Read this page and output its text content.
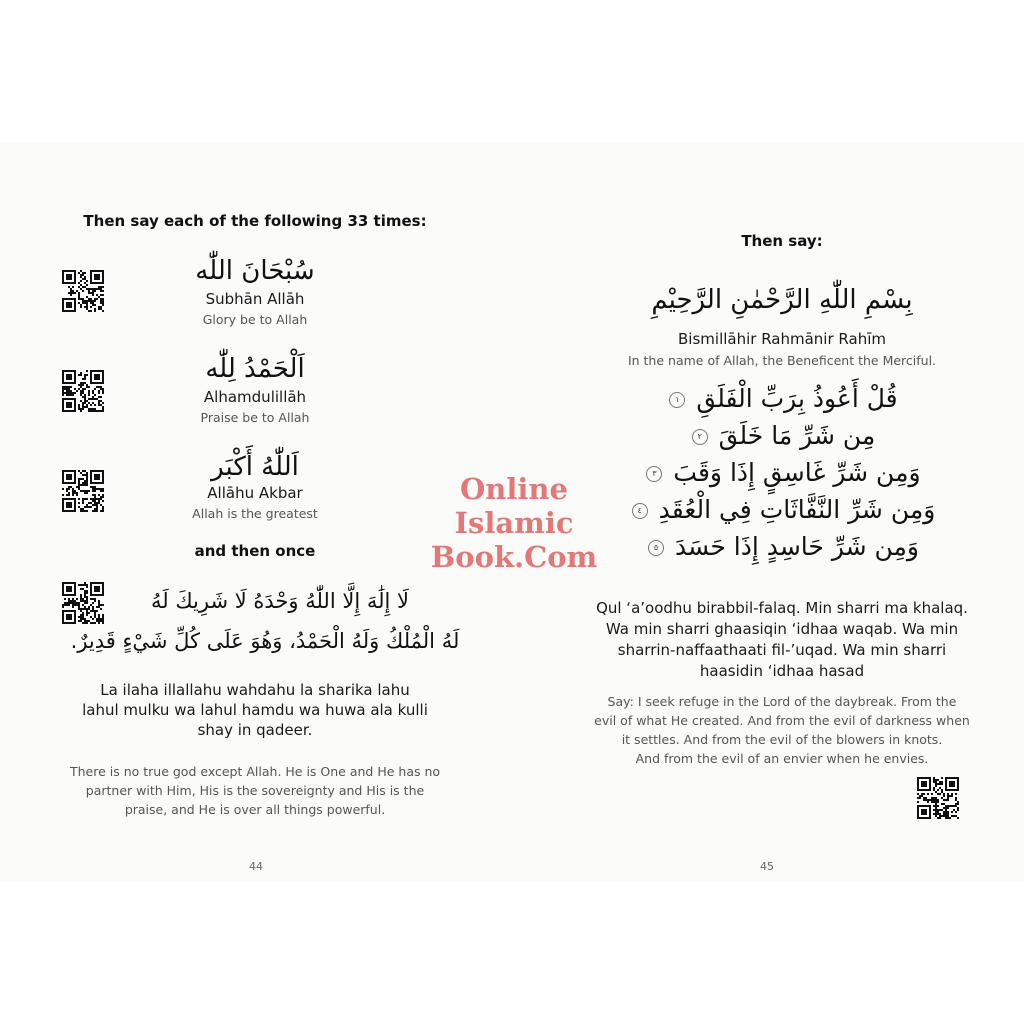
Then say each of the following 33 times:
سُبْحَانَ اللّٰه
Subhān Allāh
Glory be to Allah
اَلْحَمْدُ لِلّٰه
Alhamdulillāh
Praise be to Allah
اَللّٰهُ أَكْبَر
Allāhu Akbar
Allah is the greatest
and then once
لَا إِلَٰهَ إِلَّا اللّٰهُ وَحْدَهُ لَا شَرِيكَ لَهُ
لَهُ الْمُلْكُ وَلَهُ الْحَمْدُ، وَهُوَ عَلَى كُلِّ شَيْءٍ قَدِيرٌ.
La ilaha illallahu wahdahu la sharika lahu
lahul mulku wa lahul hamdu wa huwa ala kulli
shay in qadeer.
There is no true god except Allah. He is One and He has no
partner with Him, His is the sovereignty and His is the
praise, and He is over all things powerful.
44
Then say:
بِسْمِ اللّٰهِ الرَّحْمٰنِ الرَّحِيْمِ
Bismillāhir Rahmānir Rahīm
In the name of Allah, the Beneficent the Merciful.
قُلْ أَعُوذُ بِرَبِّ الْفَلَقِ ١
مِن شَرِّ مَا خَلَقَ ٢
وَمِن شَرِّ غَاسِقٍ إِذَا وَقَبَ ٣
وَمِن شَرِّ النَّفَّاثَاتِ فِي الْعُقَدِ ٤
وَمِن شَرِّ حَاسِدٍ إِذَا حَسَدَ ٥
Qul ‘a’oodhu birabbil-falaq. Min sharri ma khalaq.
Wa min sharri ghaasiqin ‘idhaa waqab. Wa min
sharrin-naffaathaati fil-’uqad. Wa min sharri
haasidin ‘idhaa hasad
Say: I seek refuge in the Lord of the daybreak. From the
evil of what He created. And from the evil of darkness when
it settles. And from the evil of the blowers in knots.
And from the evil of an envier when he envies.
45
Online Islamic
Book.Com
